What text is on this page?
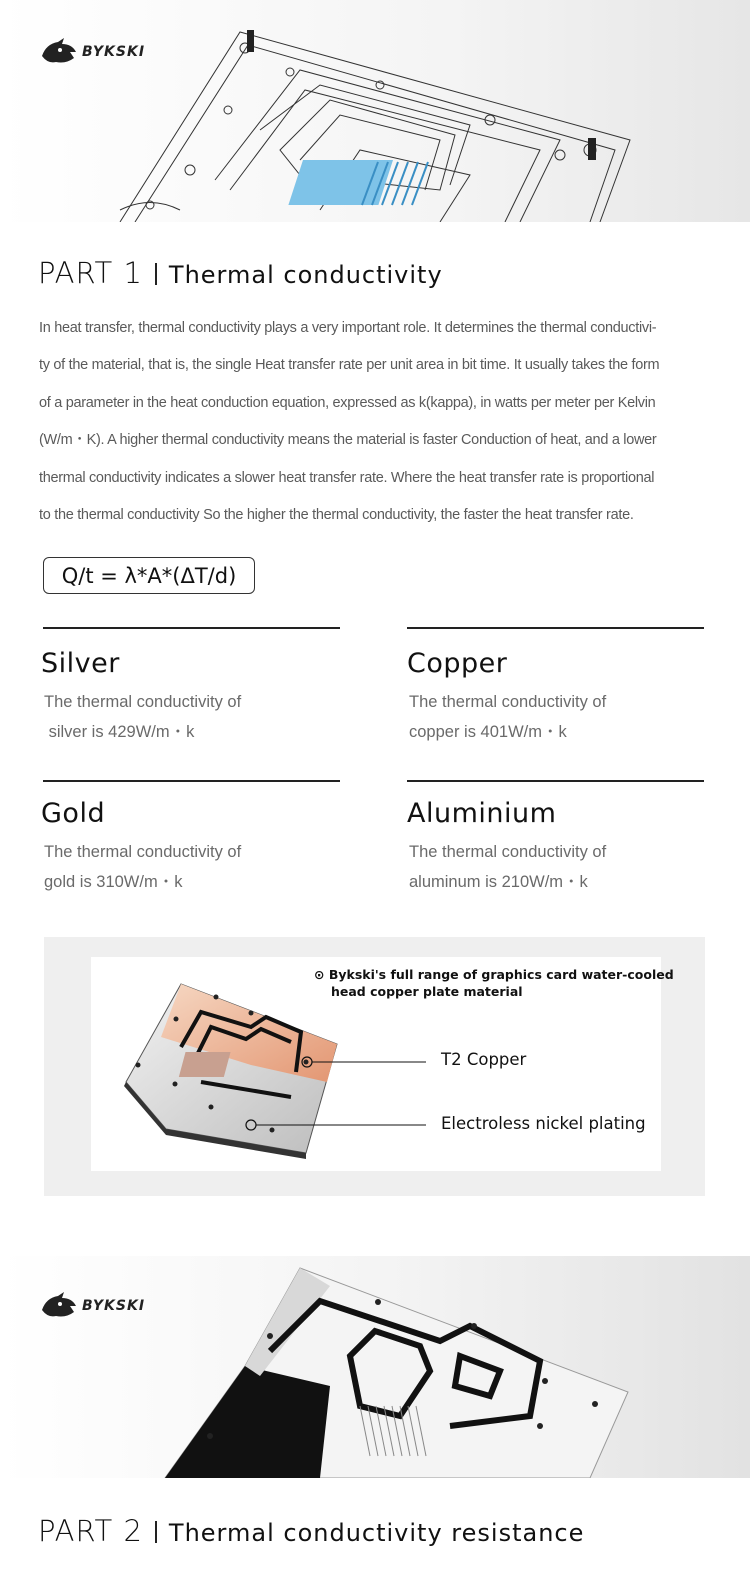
BYKSKI
PART 1 Thermal conductivity
In heat transfer, thermal conductivity plays a very important role. It determines the thermal conductivi-
ty of the material, that is, the single Heat transfer rate per unit area in bit time. It usually takes the form
of a parameter in the heat conduction equation, expressed as k(kappa), in watts per meter per Kelvin
(W/m・K). A higher thermal conductivity means the material is faster Conduction of heat, and a lower
thermal conductivity indicates a slower heat transfer rate. Where the heat transfer rate is proportional
to the thermal conductivity So the higher the thermal conductivity, the faster the heat transfer rate.
Q/t = λ*A*(ΔT/d)
Silver	Copper
The thermal conductivity of
silver is 429W/m・k
The thermal conductivity of
copper is 401W/m・k
Gold	Aluminium
The thermal conductivity of
gold is 310W/m・k
The thermal conductivity of
aluminum is 210W/m・k
⊙ Bykski's full range of graphics card water-cooled
head copper plate material
T2 Copper
Electroless nickel plating
BYKSKI
PART 2 Thermal conductivity resistance
